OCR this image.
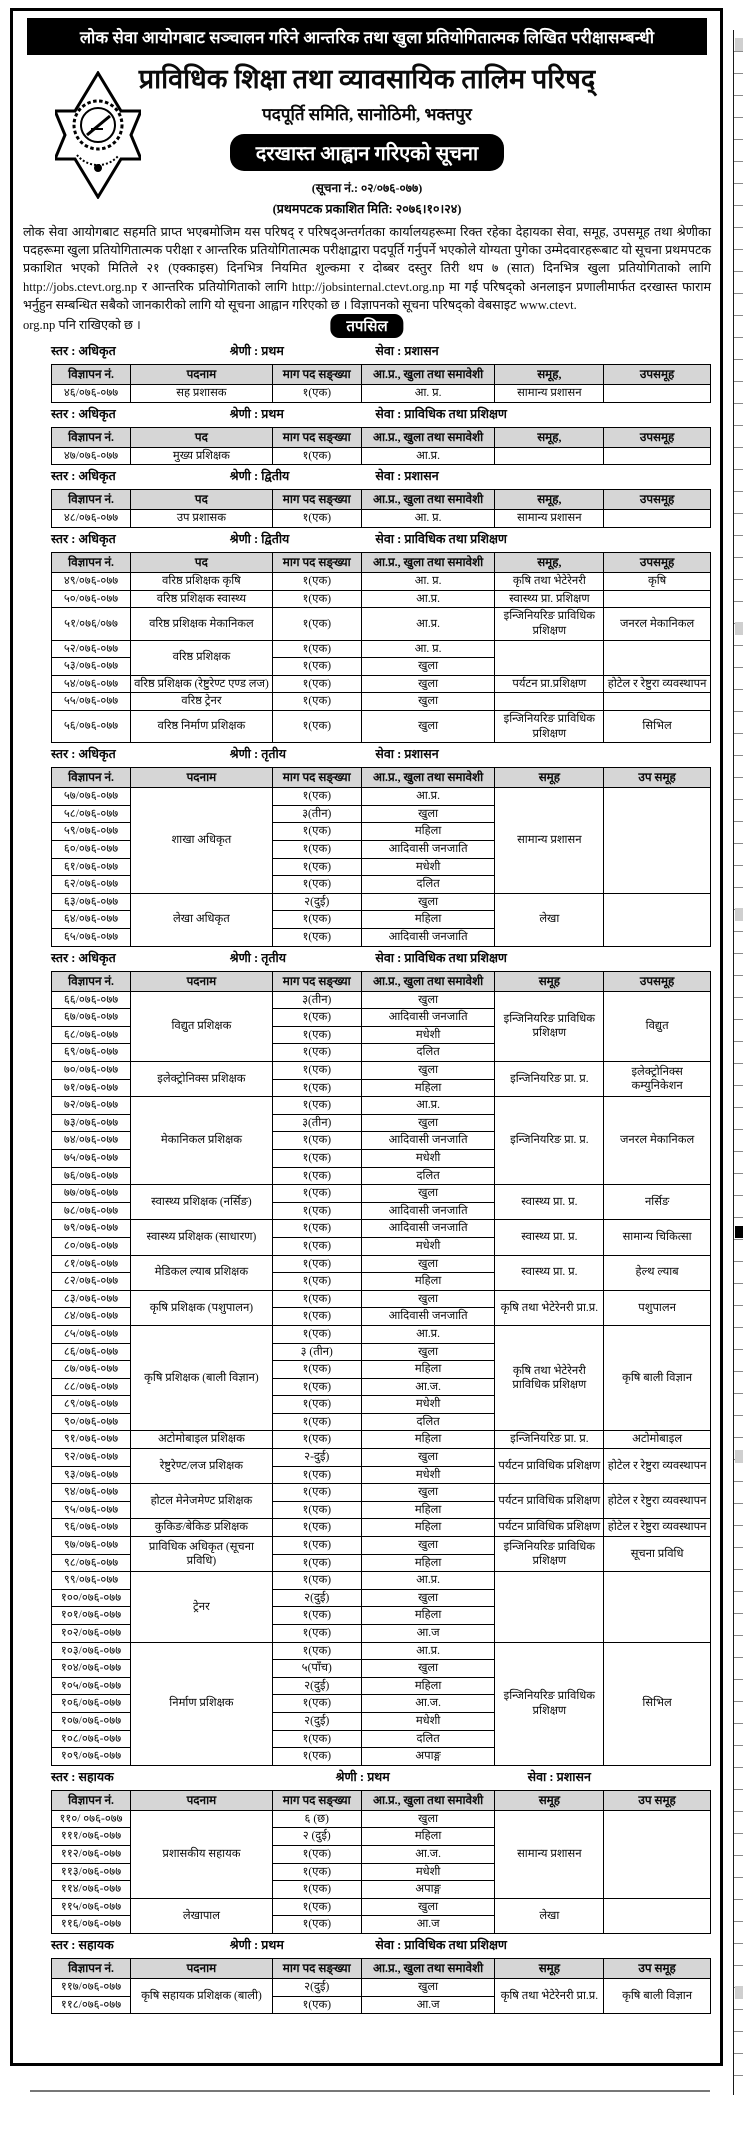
लोक सेवा आयोगबाट सञ्चालन गरिने आन्तरिक तथा खुला प्रतियोगितात्मक लिखित परीक्षासम्बन्धी
प्राविधिक शिक्षा तथा व्यावसायिक तालिम परिषद्
पदपूर्ति समिति, सानोठिमी, भक्तपुर
दरखास्त आह्वान गरिएको सूचना
(सूचना नं.: ०२/०७६-०७७)
(प्रथमपटक प्रकाशित मिति: २०७६।१०।२४)

लोक सेवा आयोगबाट सहमति प्राप्त भएबमोजिम यस परिषद् र परिषद्अन्तर्गतका कार्यालयहरूमा रिक्त रहेका देहायका सेवा, समूह, उपसमूह तथा श्रेणीका पदहरूमा खुला प्रतियोगितात्मक परीक्षा र आन्तरिक प्रतियोगितात्मक परीक्षाद्वारा पदपूर्ति गर्नुपर्ने भएकोले योग्यता पुगेका उम्मेदवारहरूबाट यो सूचना प्रथमपटक प्रकाशित भएको मितिले २१ (एक्काइस) दिनभित्र नियमित शुल्कमा र दोब्बर दस्तुर तिरी थप ७ (सात) दिनभित्र खुला प्रतियोगिताको लागि http://jobs.ctevt.org.np र आन्तरिक प्रतियोगिताको लागि http://jobsinternal.ctevt.org.np मा गई परिषद्को अनलाइन प्रणालीमार्फत दरखास्त फाराम भर्नुहुन सम्बन्धित सबैको जानकारीको लागि यो सूचना आह्वान गरिएको छ । विज्ञापनको सूचना परिषद्को वेबसाइट www.ctevt.

org.np पनि राखिएको छ ।	तपसिल
स्तर : अधिकृत	श्रेणी : प्रथम	सेवा : प्रशासन
विज्ञापन नं.	पदनाम	माग पद सङ्ख्या	आ.प्र., खुला तथा समावेशी	समूह,	उपसमूह
४६/०७६-०७७	सह प्रशासक	१(एक)	आ. प्र.	सामान्य प्रशासन	
स्तर : अधिकृत	श्रेणी : प्रथम	सेवा : प्राविधिक तथा प्रशिक्षण
विज्ञापन नं.	पद	माग पद सङ्ख्या	आ.प्र., खुला तथा समावेशी	समूह,	उपसमूह
४७/०७६-०७७	मुख्य प्रशिक्षक	१(एक)	आ.प्र.		
स्तर : अधिकृत	श्रेणी : द्वितीय	सेवा : प्रशासन
विज्ञापन नं.	पद	माग पद सङ्ख्या	आ.प्र., खुला तथा समावेशी	समूह,	उपसमूह
४८/०७६-०७७	उप प्रशासक	१(एक)	आ. प्र.	सामान्य प्रशासन	
स्तर : अधिकृत	श्रेणी : द्वितीय	सेवा : प्राविधिक तथा प्रशिक्षण
विज्ञापन नं.	पद	माग पद सङ्ख्या	आ.प्र., खुला तथा समावेशी	समूह,	उपसमूह
४९/०७६-०७७	वरिष्ठ प्रशिक्षक कृषि	१(एक)	आ. प्र.	कृषि तथा भेटेरेनरी	कृषि
५०/०७६-०७७	वरिष्ठ प्रशिक्षक स्वास्थ्य	१(एक)	आ.प्र.	स्वास्थ्य प्रा. प्रशिक्षण	
५१/०७६/०७७	वरिष्ठ प्रशिक्षक मेकानिकल	१(एक)	आ.प्र.	इन्जिनियरिङ प्राविधिक प्रशिक्षण	जनरल मेकानिकल
५२/०७६-०७७	वरिष्ठ प्रशिक्षक	१(एक)	आ. प्र.		
५३/०७६-०७७		१(एक)	खुला		
५४/०७६-०७७	वरिष्ठ प्रशिक्षक (रेष्टुरेण्ट एण्ड लज)	१(एक)	खुला	पर्यटन प्रा.प्रशिक्षण	होटेल र रेष्टुरा व्यवस्थापन
५५/०७६-०७७	वरिष्ठ ट्रेनर	१(एक)	खुला		
५६/०७६-०७७	वरिष्ठ निर्माण प्रशिक्षक	१(एक)	खुला	इन्जिनियरिङ प्राविधिक प्रशिक्षण	सिभिल
स्तर : अधिकृत	श्रेणी : तृतीय	सेवा : प्रशासन
विज्ञापन नं.	पदनाम	माग पद सङ्ख्या	आ.प्र., खुला तथा समावेशी	समूह	उप समूह
५७/०७६-०७७	शाखा अधिकृत	१(एक)	आ.प्र.	सामान्य प्रशासन	
५८/०७६-०७७		३(तीन)	खुला		
५९/०७६-०७७		१(एक)	महिला		
६०/०७६-०७७		१(एक)	आदिवासी जनजाति		
६१/०७६-०७७		१(एक)	मधेशी		
६२/०७६-०७७		१(एक)	दलित		
६३/०७६-०७७	लेखा अधिकृत	२(दुई)	खुला	लेखा	
६४/०७६-०७७		१(एक)	महिला		
६५/०७६-०७७		१(एक)	आदिवासी जनजाति		
स्तर : अधिकृत	श्रेणी : तृतीय	सेवा : प्राविधिक तथा प्रशिक्षण
विज्ञापन नं.	पदनाम	माग पद सङ्ख्या	आ.प्र., खुला तथा समावेशी	समूह	उपसमूह
६६/०७६-०७७	विद्युत प्रशिक्षक	३(तीन)	खुला	इन्जिनियरिङ प्राविधिक प्रशिक्षण	विद्युत
६७/०७६-०७७		१(एक)	आदिवासी जनजाति		
६८/०७६-०७७		१(एक)	मधेशी		
६९/०७६-०७७		१(एक)	दलित		
७०/०७६-०७७	इलेक्ट्रोनिक्स प्रशिक्षक	१(एक)	खुला	इन्जिनियरिङ प्रा. प्र.	इलेक्ट्रोनिक्स कम्युनिकेशन
७१/०७६-०७७		१(एक)	महिला		
७२/०७६-०७७	मेकानिकल प्रशिक्षक	१(एक)	आ.प्र.	इन्जिनियरिङ प्रा. प्र.	जनरल मेकानिकल
७३/०७६-०७७		३(तीन)	खुला		
७४/०७६-०७७		१(एक)	आदिवासी जनजाति		
७५/०७६-०७७		१(एक)	मधेशी		
७६/०७६-०७७		१(एक)	दलित		
७७/०७६-०७७	स्वास्थ्य प्रशिक्षक (नर्सिङ)	१(एक)	खुला	स्वास्थ्य प्रा. प्र.	नर्सिङ
७८/०७६-०७७		१(एक)	आदिवासी जनजाति		
७९/०७६-०७७	स्वास्थ्य प्रशिक्षक (साधारण)	१(एक)	आदिवासी जनजाति	स्वास्थ्य प्रा. प्र.	सामान्य चिकित्सा
८०/०७६-०७७		१(एक)	मधेशी		
८१/०७६-०७७	मेडिकल ल्याब प्रशिक्षक	१(एक)	खुला	स्वास्थ्य प्रा. प्र.	हेल्थ ल्याब
८२/०७६-०७७		१(एक)	महिला		
८३/०७६-०७७	कृषि प्रशिक्षक (पशुपालन)	१(एक)	खुला	कृषि तथा भेटेरेनरी प्रा.प्र.	पशुपालन
८४/०७६-०७७		१(एक)	आदिवासी जनजाति		
८५/०७६-०७७	कृषि प्रशिक्षक (बाली विज्ञान)	१(एक)	आ.प्र.	कृषि तथा भेटेरेनरी प्राविधिक प्रशिक्षण	कृषि बाली विज्ञान
८६/०७६-०७७		३ (तीन)	खुला		
८७/०७६-०७७		१(एक)	महिला		
८८/०७६-०७७		१(एक)	आ.ज.		
८९/०७६-०७७		१(एक)	मधेशी		
९०/०७६-०७७		१(एक)	दलित		
९१/०७६-०७७	अटोमोबाइल प्रशिक्षक	१(एक)	महिला	इन्जिनियरिङ प्रा. प्र.	अटोमोबाइल
९२/०७६-०७७	रेष्टुरेण्ट/लज प्रशिक्षक	२-दुई)	खुला	पर्यटन प्राविधिक प्रशिक्षण	होटेल र रेष्टुरा व्यवस्थापन
९३/०७६-०७७		१(एक)	मधेशी		
९४/०७६-०७७	होटल मेनेजमेण्ट प्रशिक्षक	१(एक)	खुला	पर्यटन प्राविधिक प्रशिक्षण	होटेल र रेष्टुरा व्यवस्थापन
९५/०७६-०७७		१(एक)	महिला		
९६/०७६-०७७	कुकिङ/बेकिङ प्रशिक्षक	१(एक)	महिला	पर्यटन प्राविधिक प्रशिक्षण	होटेल र रेष्टुरा व्यवस्थापन
९७/०७६-०७७	प्राविधिक अधिकृत (सूचना प्रविधि)	१(एक)	खुला	इन्जिनियरिङ प्राविधिक प्रशिक्षण	सूचना प्रविधि
९८/०७६-०७७		१(एक)	महिला		
९९/०७६-०७७	ट्रेनर	१(एक)	आ.प्र.		
१००/०७६-०७७		२(दुई)	खुला		
१०१/०७६-०७७		१(एक)	महिला		
१०२/०७६-०७७		१(एक)	आ.ज		
१०३/०७६-०७७	निर्माण प्रशिक्षक	१(एक)	आ.प्र.	इन्जिनियरिङ प्राविधिक प्रशिक्षण	सिभिल
१०४/०७६-०७७		५(पाँच)	खुला		
१०५/०७६-०७७		२(दुई)	महिला		
१०६/०७६-०७७		१(एक)	आ.ज.		
१०७/०७६-०७७		२(दुई)	मधेशी		
१०८/०७६-०७७		१(एक)	दलित		
१०९/०७६-०७७		१(एक)	अपाङ्ग		
स्तर : सहायक	श्रेणी : प्रथम	सेवा : प्रशासन
विज्ञापन नं.	पदनाम	माग पद सङ्ख्या	आ.प्र., खुला तथा समावेशी	समूह	उप समूह
११०/ ०७६-०७७	प्रशासकीय सहायक	६ (छ)	खुला	सामान्य प्रशासन	
१११/०७६-०७७		२ (दुई)	महिला		
११२/०७६-०७७		१(एक)	आ.ज.		
११३/०७६-०७७		१(एक)	मधेशी		
११४/०७६-०७७		१(एक)	अपाङ्ग		
११५/०७६-०७७	लेखापाल	१(एक)	खुला	लेखा	
११६/०७६-०७७		१(एक)	आ.ज		
स्तर : सहायक	श्रेणी : प्रथम	सेवा : प्राविधिक तथा प्रशिक्षण
विज्ञापन नं.	पदनाम	माग पद सङ्ख्या	आ.प्र., खुला तथा समावेशी	समूह	उप समूह
११७/०७६-०७७	कृषि सहायक प्रशिक्षक (बाली)	२(दुई)	खुला	कृषि तथा भेटेरेनरी प्रा.प्र.	कृषि बाली विज्ञान
११८/०७६-०७७		१(एक)	आ.ज		
